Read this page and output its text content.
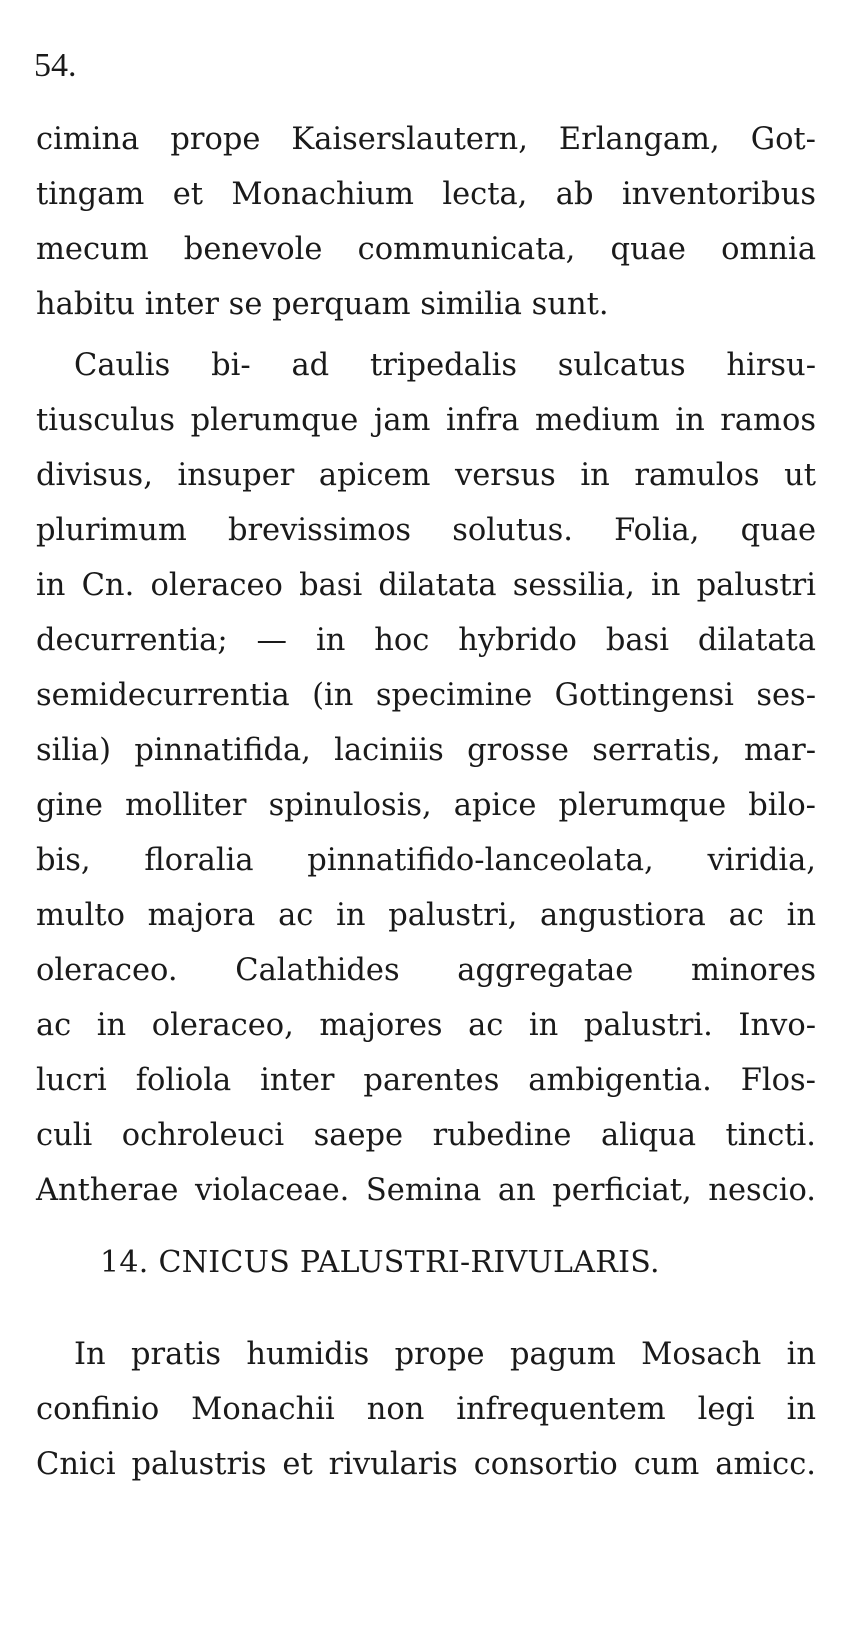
54.
cimina prope Kaiserslautern, Erlangam, Got-
tingam et Monachium lecta, ab inventoribus
mecum benevole communicata, quae omnia
habitu inter se perquam similia sunt.
Caulis bi- ad tripedalis sulcatus hirsu-
tiusculus plerumque jam infra medium in ramos
divisus, insuper apicem versus in ramulos ut
plurimum brevissimos solutus. Folia, quae
in Cn. oleraceo basi dilatata sessilia, in palustri
decurrentia; — in hoc hybrido basi dilatata
semidecurrentia (in specimine Gottingensi ses-
silia) pinnatifida, laciniis grosse serratis, mar-
gine molliter spinulosis, apice plerumque bilo-
bis, floralia pinnatifido-lanceolata, viridia,
multo majora ac in palustri, angustiora ac in
oleraceo. Calathides aggregatae minores
ac in oleraceo, majores ac in palustri. Invo-
lucri foliola inter parentes ambigentia. Flos-
culi ochroleuci saepe rubedine aliqua tincti.
Antherae violaceae. Semina an perficiat, nescio.
14. CNICUS PALUSTRI-RIVULARIS.
In pratis humidis prope pagum Mosach in
confinio Monachii non infrequentem legi in
Cnici palustris et rivularis consortio cum amicc.
